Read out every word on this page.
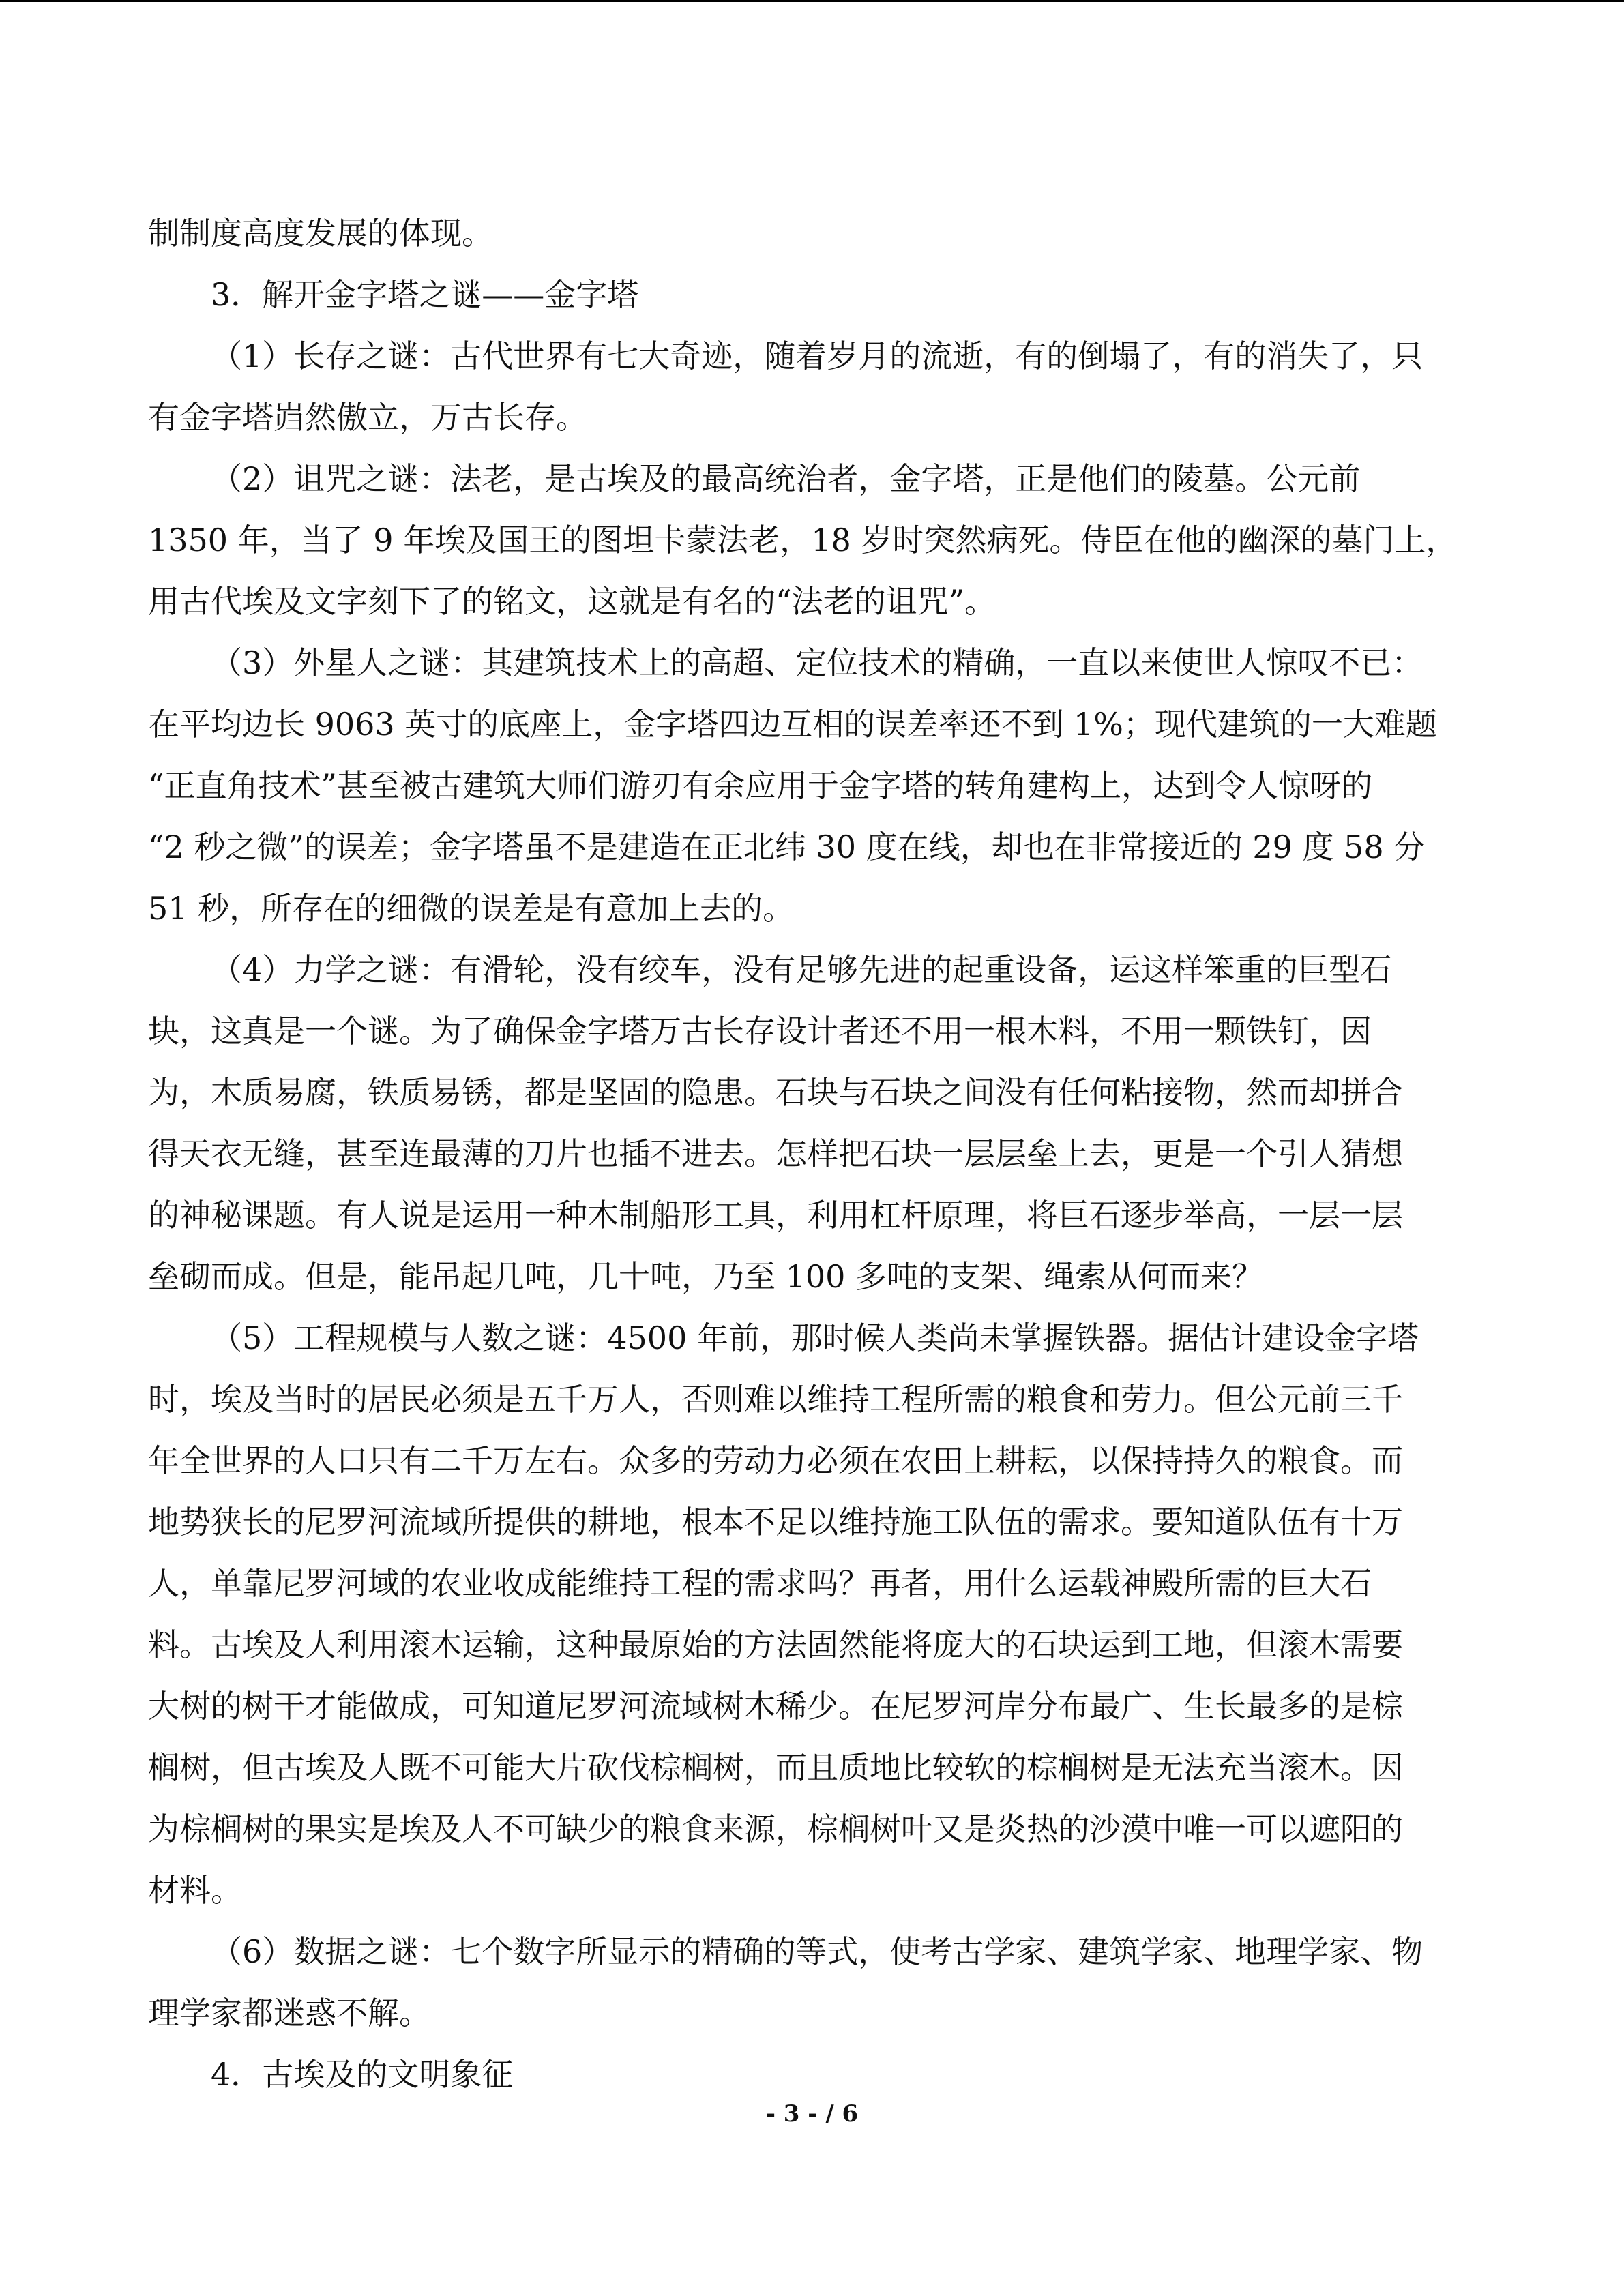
制制度高度发展的体现。
3．解开金字塔之谜——金字塔
（1）长存之谜：古代世界有七大奇迹，随着岁月的流逝，有的倒塌了，有的消失了，只
有金字塔岿然傲立，万古长存。
（2）诅咒之谜：法老，是古埃及的最高统治者，金字塔，正是他们的陵墓。公元前
1350 年，当了 9 年埃及国王的图坦卡蒙法老，18 岁时突然病死。侍臣在他的幽深的墓门上，
用古代埃及文字刻下了的铭文，这就是有名的“法老的诅咒”。
（3）外星人之谜：其建筑技术上的高超、定位技术的精确，一直以来使世人惊叹不已：
在平均边长 9063 英寸的底座上，金字塔四边互相的误差率还不到 1%；现代建筑的一大难题
“正直角技术”甚至被古建筑大师们游刃有余应用于金字塔的转角建构上，达到令人惊呀的
“2 秒之微”的误差；金字塔虽不是建造在正北纬 30 度在线，却也在非常接近的 29 度 58 分
51 秒，所存在的细微的误差是有意加上去的。
（4）力学之谜：有滑轮，没有绞车，没有足够先进的起重设备，运这样笨重的巨型石
块，这真是一个谜。为了确保金字塔万古长存设计者还不用一根木料，不用一颗铁钉，因
为，木质易腐，铁质易锈，都是坚固的隐患。石块与石块之间没有任何粘接物，然而却拼合
得天衣无缝，甚至连最薄的刀片也插不进去。怎样把石块一层层垒上去，更是一个引人猜想
的神秘课题。有人说是运用一种木制船形工具，利用杠杆原理，将巨石逐步举高，一层一层
垒砌而成。但是，能吊起几吨，几十吨，乃至 100 多吨的支架、绳索从何而来？
（5）工程规模与人数之谜：4500 年前，那时候人类尚未掌握铁器。据估计建设金字塔
时，埃及当时的居民必须是五千万人，否则难以维持工程所需的粮食和劳力。但公元前三千
年全世界的人口只有二千万左右。众多的劳动力必须在农田上耕耘，以保持持久的粮食。而
地势狭长的尼罗河流域所提供的耕地，根本不足以维持施工队伍的需求。要知道队伍有十万
人，单靠尼罗河域的农业收成能维持工程的需求吗？再者，用什么运载神殿所需的巨大石
料。古埃及人利用滚木运输，这种最原始的方法固然能将庞大的石块运到工地，但滚木需要
大树的树干才能做成，可知道尼罗河流域树木稀少。在尼罗河岸分布最广、生长最多的是棕
榈树，但古埃及人既不可能大片砍伐棕榈树，而且质地比较软的棕榈树是无法充当滚木。因
为棕榈树的果实是埃及人不可缺少的粮食来源，棕榈树叶又是炎热的沙漠中唯一可以遮阳的
材料。
（6）数据之谜：七个数字所显示的精确的等式，使考古学家、建筑学家、地理学家、物
理学家都迷惑不解。
4．古埃及的文明象征
- 3 - / 6
